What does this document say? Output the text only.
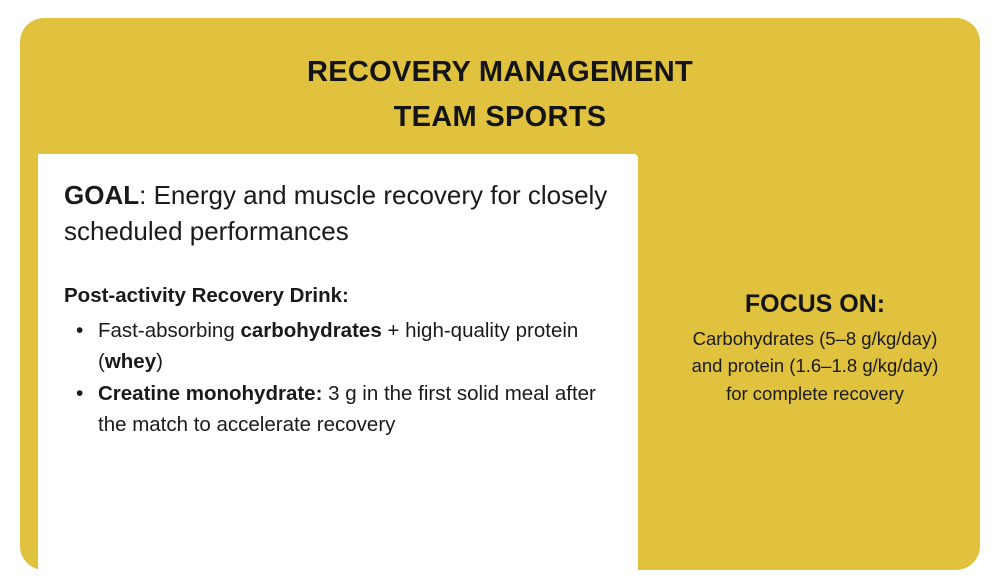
RECOVERY MANAGEMENT
TEAM SPORTS
GOAL: Energy and muscle recovery for closely scheduled performances
Post-activity Recovery Drink:
• Fast-absorbing carbohydrates + high-quality protein (whey)
• Creatine monohydrate: 3 g in the first solid meal after the match to accelerate recovery
FOCUS ON:
Carbohydrates (5–8 g/kg/day)
and protein (1.6–1.8 g/kg/day)
for complete recovery
